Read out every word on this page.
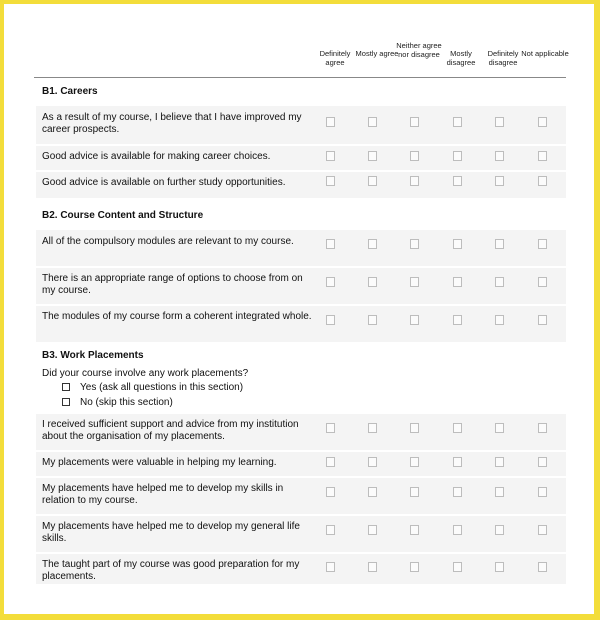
Definitely agree
Mostly agree
Neither agree nor disagree	Mostly disagree
Definitely disagree
Not applicable
B1. Careers
As a result of my course, I believe that I have improved my career prospects.
Good advice is available for making career choices.
Good advice is available on further study opportunities.
B2. Course Content and Structure
All of the compulsory modules are relevant to my course.
There is an appropriate range of options to choose from on my course.
The modules of my course form a coherent integrated whole.
B3. Work Placements
Did your course involve any work placements?
Yes (ask all questions in this section)
No (skip this section)
I received sufficient support and advice from my institution about the organisation of my placements.
My placements were valuable in helping my learning.
My placements have helped me to develop my skills in relation to my course.
My placements have helped me to develop my general life skills.
The taught part of my course was good preparation for my placements.
